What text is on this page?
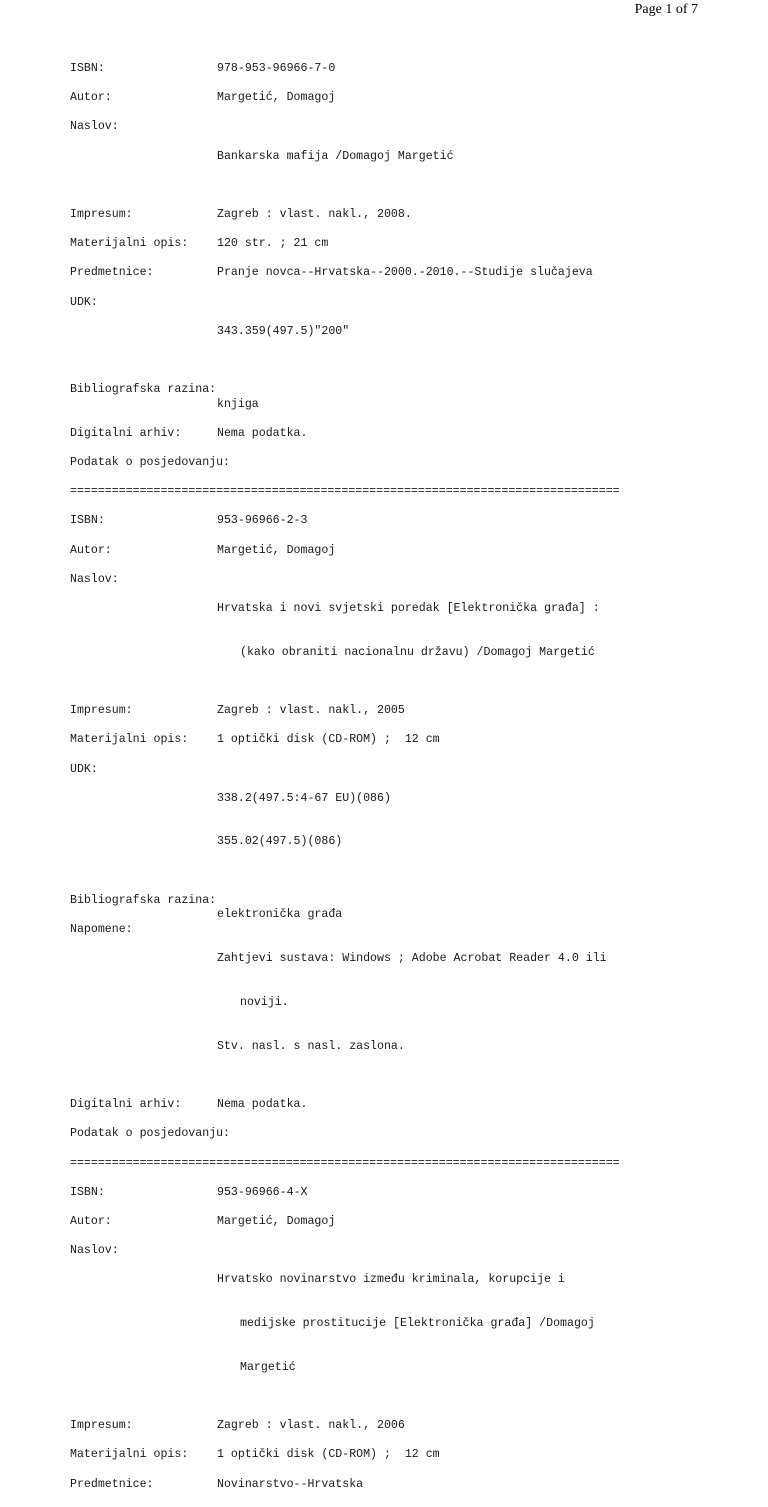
Page 1 of 7
ISBN:	978-953-96966-7-0
Autor:	Margetić, Domagoj
Naslov:

Bankarska mafija /Domagoj Margetić

Impresum:	Zagreb : vlast. nakl., 2008.
Materijalni opis:	120 str. ; 21 cm
Predmetnice:	Pranje novca--Hrvatska--2000.-2010.--Studije slučajeva
UDK:

343.359(497.5)"200"

Bibliografska razina:
knjiga
Digitalni arhiv:	Nema podatka.
Podatak o posjedovanju:
===============================================================================
ISBN:	953-96966-2-3
Autor:	Margetić, Domagoj
Naslov:

Hrvatska i novi svjetski poredak [Elektronička građa] :

(kako obraniti nacionalnu državu) /Domagoj Margetić

Impresum:	Zagreb : vlast. nakl., 2005
Materijalni opis:	1 optički disk (CD-ROM) ;  12 cm
UDK:

338.2(497.5:4-67 EU)(086)

355.02(497.5)(086)

Bibliografska razina:
elektronička građa
Napomene:

Zahtjevi sustava: Windows ; Adobe Acrobat Reader 4.0 ili

noviji.

Stv. nasl. s nasl. zaslona.

Digitalni arhiv:	Nema podatka.
Podatak o posjedovanju:
===============================================================================
ISBN:	953-96966-4-X
Autor:	Margetić, Domagoj
Naslov:

Hrvatsko novinarstvo između kriminala, korupcije i

medijske prostitucije [Elektronička građa] /Domagoj

Margetić

Impresum:	Zagreb : vlast. nakl., 2006
Materijalni opis:	1 optički disk (CD-ROM) ;  12 cm
Predmetnice:	Novinarstvo--Hrvatska
